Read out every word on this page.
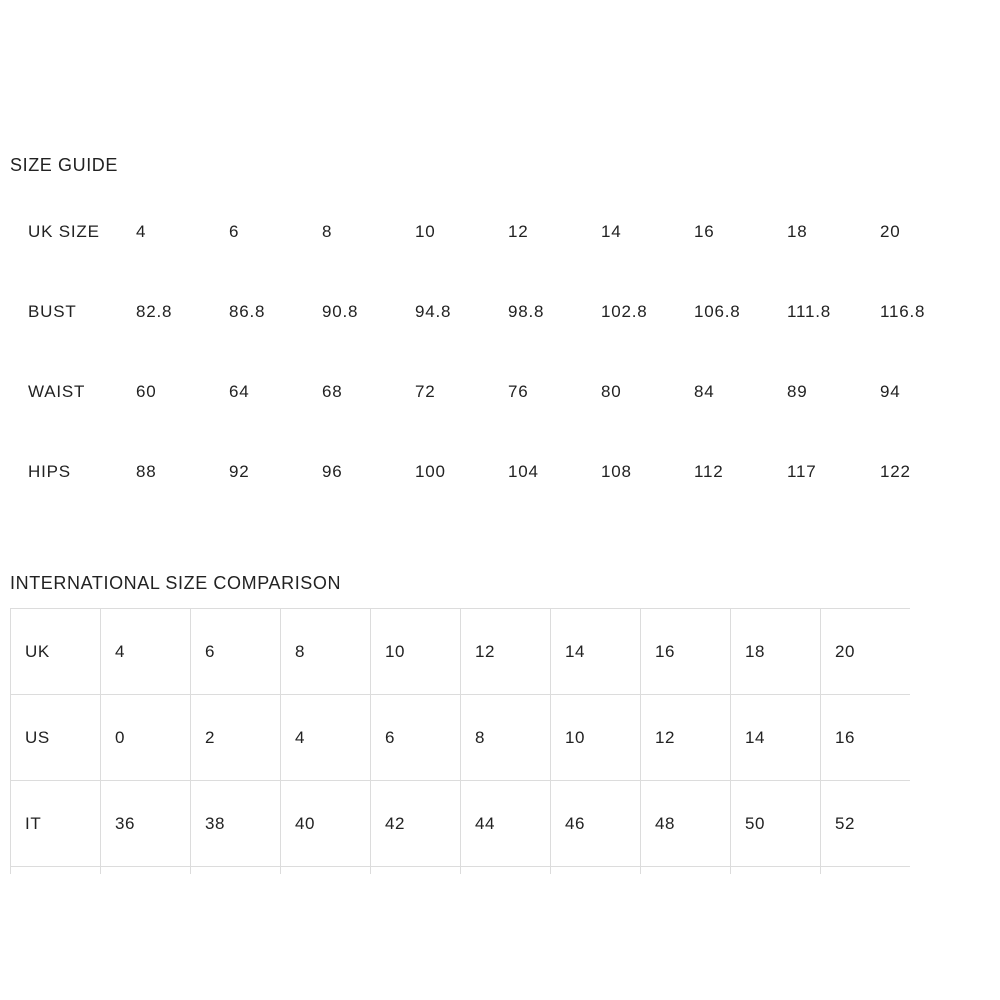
SIZE GUIDE
UK SIZE	4	6	8	10	12	14	16	18	20
BUST	82.8	86.8	90.8	94.8	98.8	102.8	106.8	111.8	116.8
WAIST	60	64	68	72	76	80	84	89	94
HIPS	88	92	96	100	104	108	112	117	122
INTERNATIONAL SIZE COMPARISON
UK	4	6	8	10	12	14	16	18	20
US	0	2	4	6	8	10	12	14	16
IT	36	38	40	42	44	46	48	50	52
